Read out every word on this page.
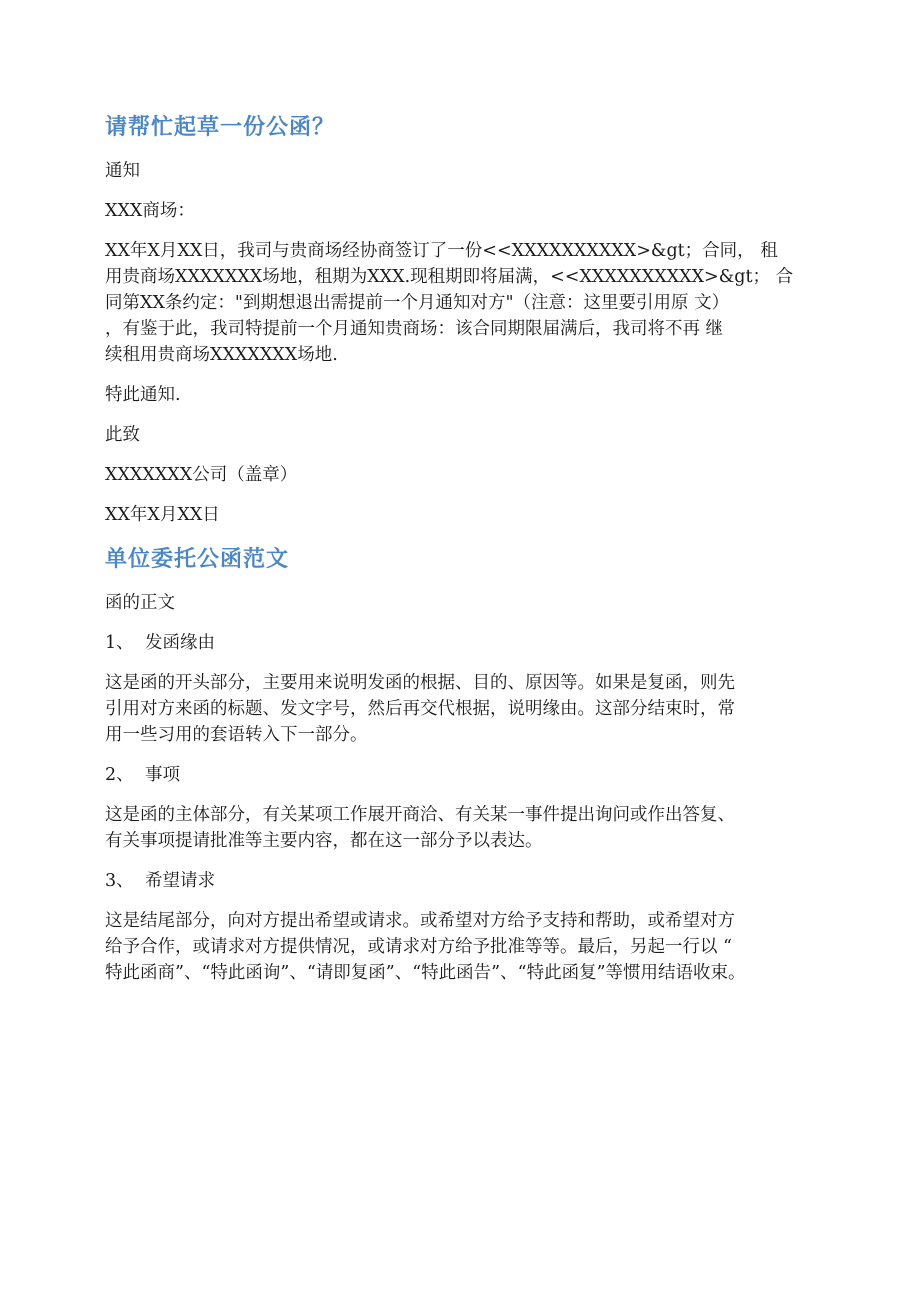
请帮忙起草一份公函？

通知

XXX商场：

XX年X月XX日，我司与贵商场经协商签订了一份<<XXXXXXXXXX>&gt；合同， 租
用贵商场XXXXXXX场地，租期为XXX.现租期即将届满，<<XXXXXXXXXX>&gt； 合
同第XX条约定："到期想退出需提前一个月通知对方"（注意：这里要引用原 文）
，有鉴于此，我司特提前一个月通知贵商场：该合同期限届满后，我司将不再 继
续租用贵商场XXXXXXX场地.

特此通知.

此致

XXXXXXX公司（盖章）

XX年X月XX日

单位委托公函范文

函的正文

1、 发函缘由

这是函的开头部分，主要用来说明发函的根据、目的、原因等。如果是复函，则先
引用对方来函的标题、发文字号，然后再交代根据，说明缘由。这部分结束时，常
用一些习用的套语转入下一部分。

2、 事项

这是函的主体部分，有关某项工作展开商洽、有关某一事件提出询问或作出答复、
有关事项提请批准等主要内容，都在这一部分予以表达。

3、 希望请求

这是结尾部分，向对方提出希望或请求。或希望对方给予支持和帮助，或希望对方
给予合作，或请求对方提供情况，或请求对方给予批准等等。最后，另起一行以 “
特此函商”、“特此函询”、“请即复函”、“特此函告”、“特此函复”等惯用结语收束。
